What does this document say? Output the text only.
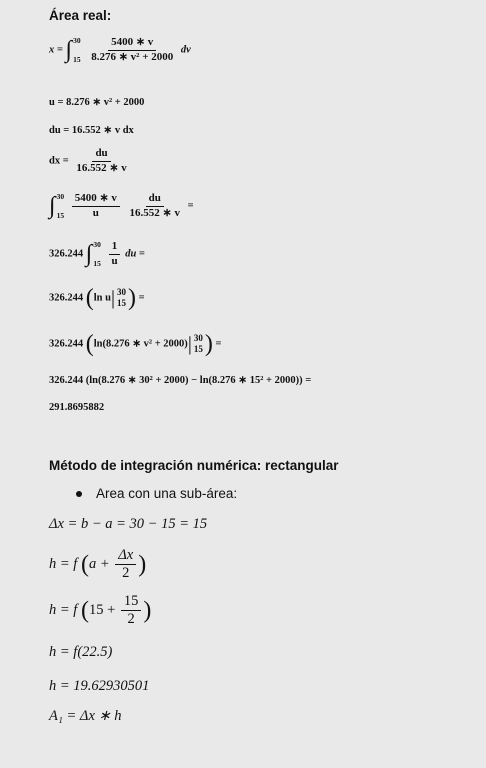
Área real:
x = ∫ 30
15
$\frac{5400 ∗ v}{\text{8.276 ∗ v² + 2000}}$ dv
u = 8.276 ∗ v² + 2000
du = 16.552 ∗ v dx
dx = $\frac{du}{16.552 ∗ v}$
∫ 30
15
$\frac{5400 ∗ v}{u}$
$\frac{du}{16.552 ∗ v}$ =
326.244 ∫ 30
15
$\frac{1}{u}$ du =
326.244 (ln u| 30
15 ) =
326.244 (ln(8.276 ∗ v² + 2000)| 30
15 ) =
326.244 (ln(8.276 ∗ 30² + 2000) − ln(8.276 ∗ 15² + 2000)) =
291.8695882
Método de integración numérica: rectangular
Area con una sub-área:
Δx = b − a = 30 − 15 = 15
h = f ($a + \frac{\Delta x}{2}$ )
h = f ($15 + \frac{15}{2}$ )
h = f(22.5)
h = 19.62930501
A₁ = Δx ∗ h
